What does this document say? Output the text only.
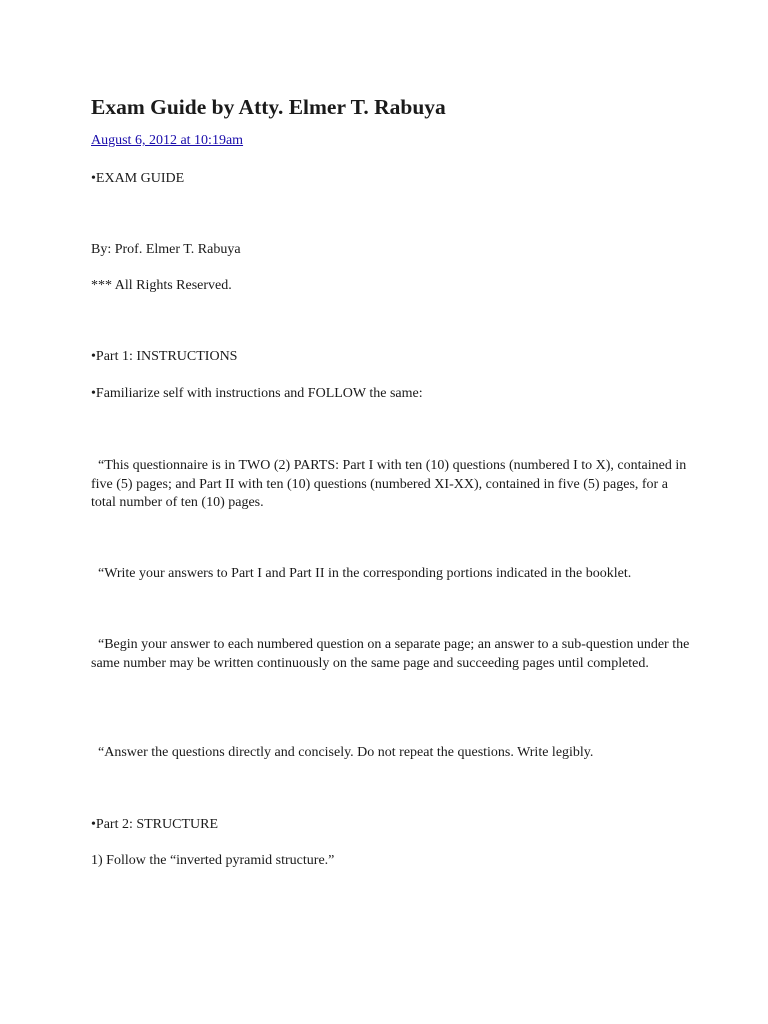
Exam Guide by Atty. Elmer T. Rabuya
August 6, 2012 at 10:19am

•EXAM GUIDE

By: Prof. Elmer T. Rabuya

*** All Rights Reserved.

•Part 1: INSTRUCTIONS

•Familiarize self with instructions and FOLLOW the same:

“This questionnaire is in TWO (2) PARTS: Part I with ten (10) questions (numbered I to X), contained in five (5) pages; and Part II with ten (10) questions (numbered XI-XX), contained in five (5) pages, for a total number of ten (10) pages.

“Write your answers to Part I and Part II in the corresponding portions indicated in the booklet.

“Begin your answer to each numbered question on a separate page; an answer to a sub-question under the same number may be written continuously on the same page and succeeding pages until completed.

“Answer the questions directly and concisely. Do not repeat the questions. Write legibly.

•Part 2: STRUCTURE

1) Follow the “inverted pyramid structure.”
